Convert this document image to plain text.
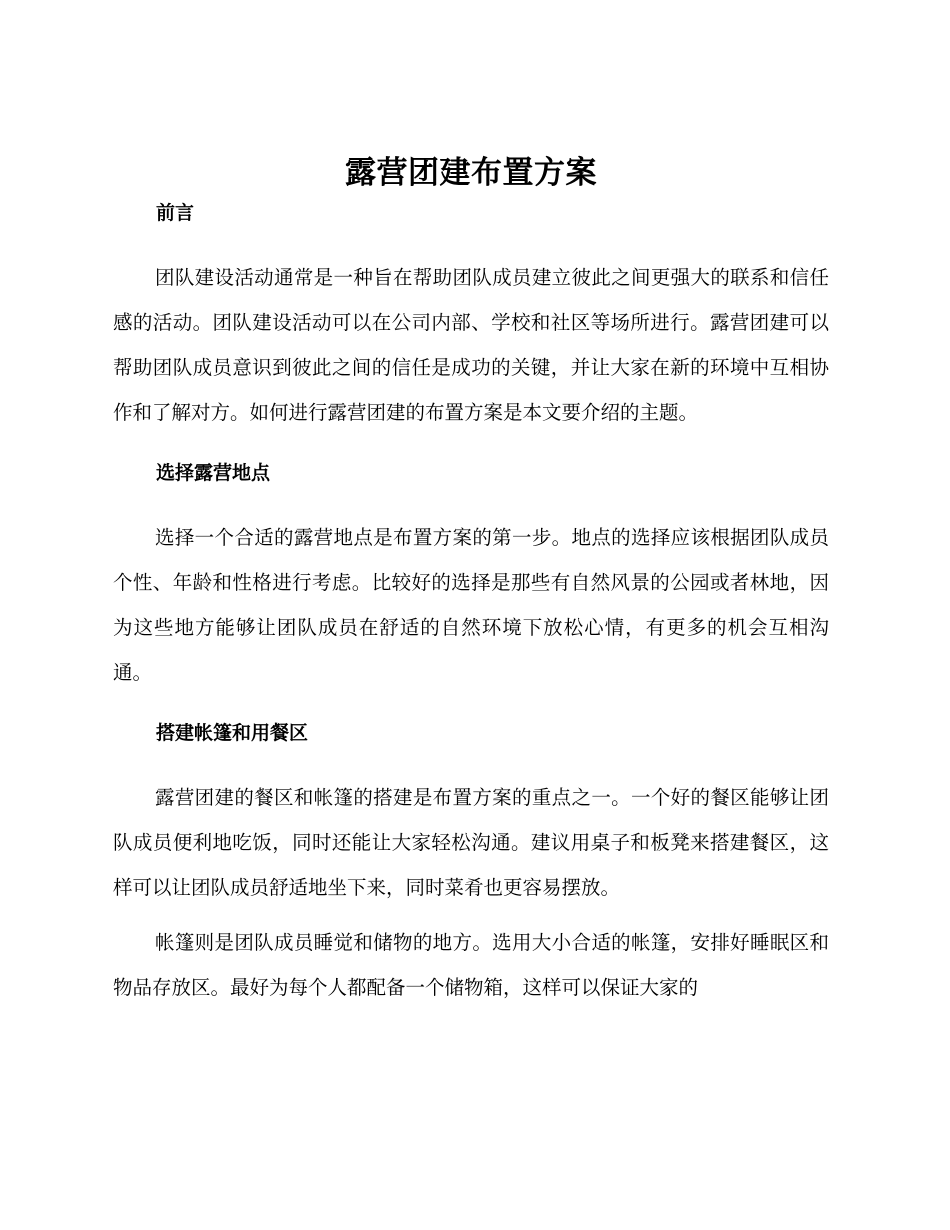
露营团建布置方案
前言

团队建设活动通常是一种旨在帮助团队成员建立彼此之间更强大的联系和信任感的活动。团队建设活动可以在公司内部、学校和社区等场所进行。露营团建可以帮助团队成员意识到彼此之间的信任是成功的关键，并让大家在新的环境中互相协作和了解对方。如何进行露营团建的布置方案是本文要介绍的主题。

选择露营地点

选择一个合适的露营地点是布置方案的第一步。地点的选择应该根据团队成员个性、年龄和性格进行考虑。比较好的选择是那些有自然风景的公园或者林地，因为这些地方能够让团队成员在舒适的自然环境下放松心情，有更多的机会互相沟通。

搭建帐篷和用餐区

露营团建的餐区和帐篷的搭建是布置方案的重点之一。一个好的餐区能够让团队成员便利地吃饭，同时还能让大家轻松沟通。建议用桌子和板凳来搭建餐区，这样可以让团队成员舒适地坐下来，同时菜肴也更容易摆放。

帐篷则是团队成员睡觉和储物的地方。选用大小合适的帐篷，安排好睡眠区和物品存放区。最好为每个人都配备一个储物箱，这样可以保证大家的
